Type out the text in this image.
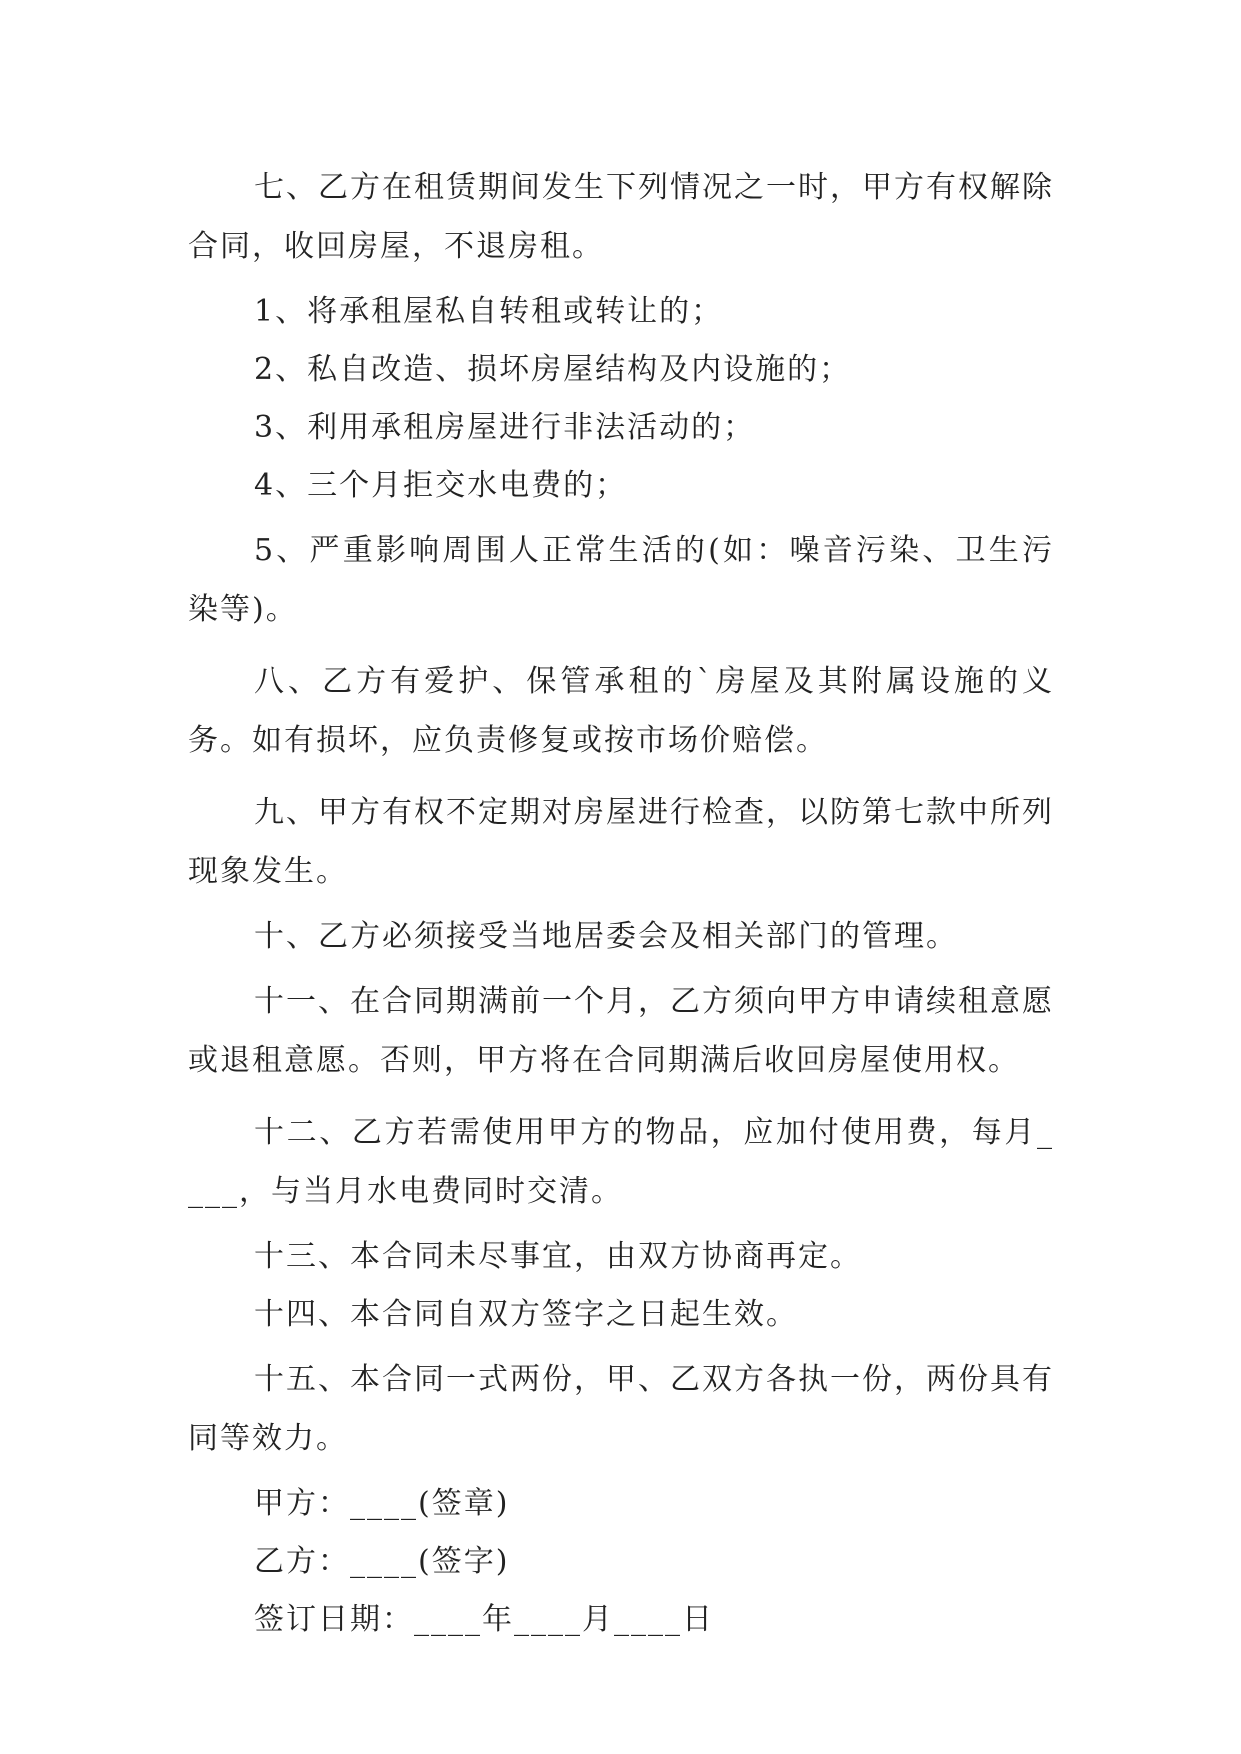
七、乙方在租赁期间发生下列情况之一时，甲方有权解除合同，收回房屋，不退房租。

1、将承租屋私自转租或转让的；

2、私自改造、损坏房屋结构及内设施的；

3、利用承租房屋进行非法活动的；

4、三个月拒交水电费的；

5、严重影响周围人正常生活的(如：噪音污染、卫生污染等)。

八、乙方有爱护、保管承租的`房屋及其附属设施的义务。如有损坏，应负责修复或按市场价赔偿。

九、甲方有权不定期对房屋进行检查，以防第七款中所列现象发生。

十、乙方必须接受当地居委会及相关部门的管理。

十一、在合同期满前一个月，乙方须向甲方申请续租意愿或退租意愿。否则，甲方将在合同期满后收回房屋使用权。

十二、乙方若需使用甲方的物品，应加付使用费，每月____，与当月水电费同时交清。

十三、本合同未尽事宜，由双方协商再定。

十四、本合同自双方签字之日起生效。

十五、本合同一式两份，甲、乙双方各执一份，两份具有同等效力。

甲方：____(签章)

乙方：____(签字)

签订日期：____年____月____日
